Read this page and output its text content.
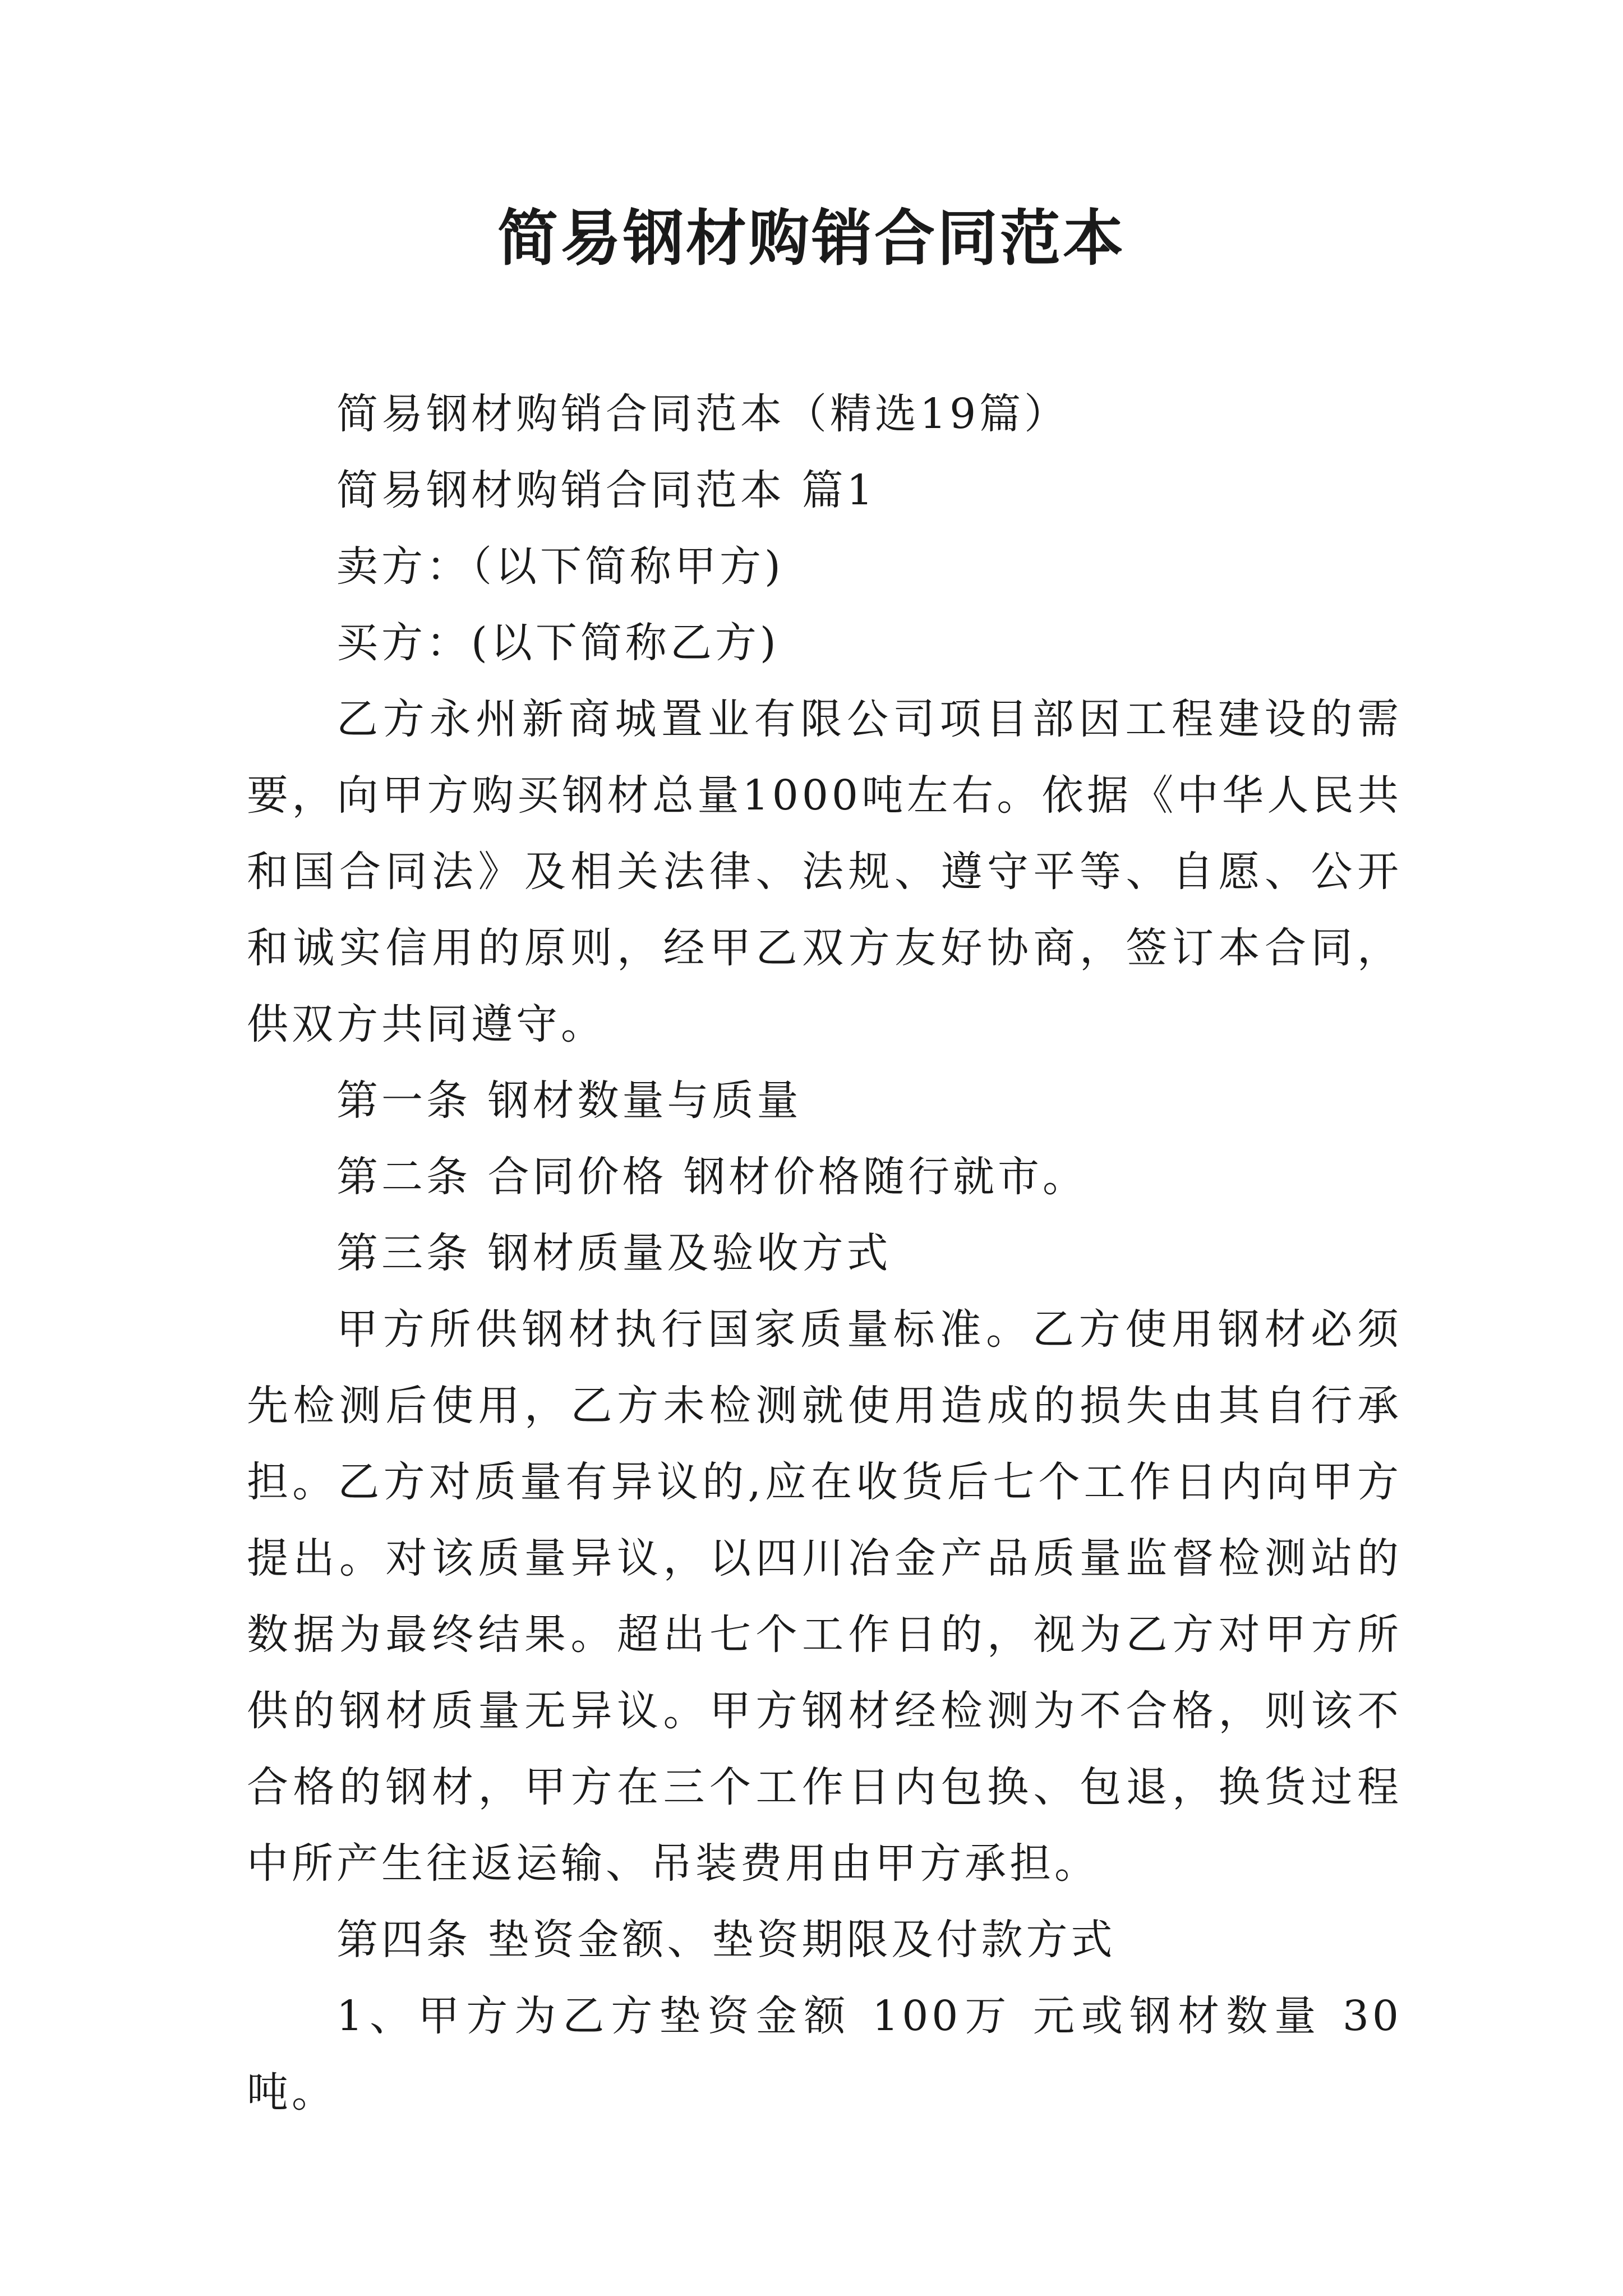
简易钢材购销合同范本

简易钢材购销合同范本（精选19篇）

简易钢材购销合同范本 篇1

卖方：（以下简称甲方)

买方：(以下简称乙方)

乙方永州新商城置业有限公司项目部因工程建设的需要，向甲方购买钢材总量1000吨左右。依据《中华人民共和国合同法》及相关法律、法规、遵守平等、自愿、公开和诚实信用的原则，经甲乙双方友好协商，签订本合同，供双方共同遵守。

第一条 钢材数量与质量

第二条 合同价格 钢材价格随行就市。

第三条 钢材质量及验收方式

甲方所供钢材执行国家质量标准。乙方使用钢材必须先检测后使用，乙方未检测就使用造成的损失由其自行承担。乙方对质量有异议的,应在收货后七个工作日内向甲方提出。对该质量异议，以四川冶金产品质量监督检测站的数据为最终结果。超出七个工作日的，视为乙方对甲方所供的钢材质量无异议。甲方钢材经检测为不合格，则该不合格的钢材，甲方在三个工作日内包换、包退，换货过程中所产生往返运输、吊装费用由甲方承担。

第四条 垫资金额、垫资期限及付款方式

1、甲方为乙方垫资金额 100万 元或钢材数量 30 吨。
